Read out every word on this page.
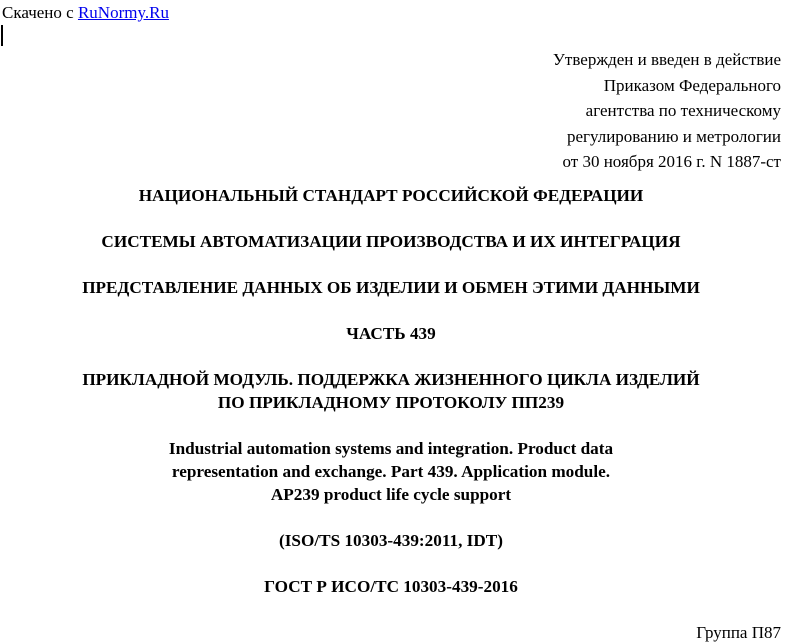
Скачено с RuNormy.Ru
Утвержден и введен в действие
Приказом Федерального
агентства по техническому
регулированию и метрологии
от 30 ноября 2016 г. N 1887-ст
НАЦИОНАЛЬНЫЙ СТАНДАРТ РОССИЙСКОЙ ФЕДЕРАЦИИ
СИСТЕМЫ АВТОМАТИЗАЦИИ ПРОИЗВОДСТВА И ИХ ИНТЕГРАЦИЯ
ПРЕДСТАВЛЕНИЕ ДАННЫХ ОБ ИЗДЕЛИИ И ОБМЕН ЭТИМИ ДАННЫМИ
ЧАСТЬ 439
ПРИКЛАДНОЙ МОДУЛЬ. ПОДДЕРЖКА ЖИЗНЕННОГО ЦИКЛА ИЗДЕЛИЙ
ПО ПРИКЛАДНОМУ ПРОТОКОЛУ ПП239
Industrial automation systems and integration. Product data
representation and exchange. Part 439. Application module.
AP239 product life cycle support
(ISO/TS 10303-439:2011, IDT)
ГОСТ Р ИСО/ТС 10303-439-2016
Группа П87
